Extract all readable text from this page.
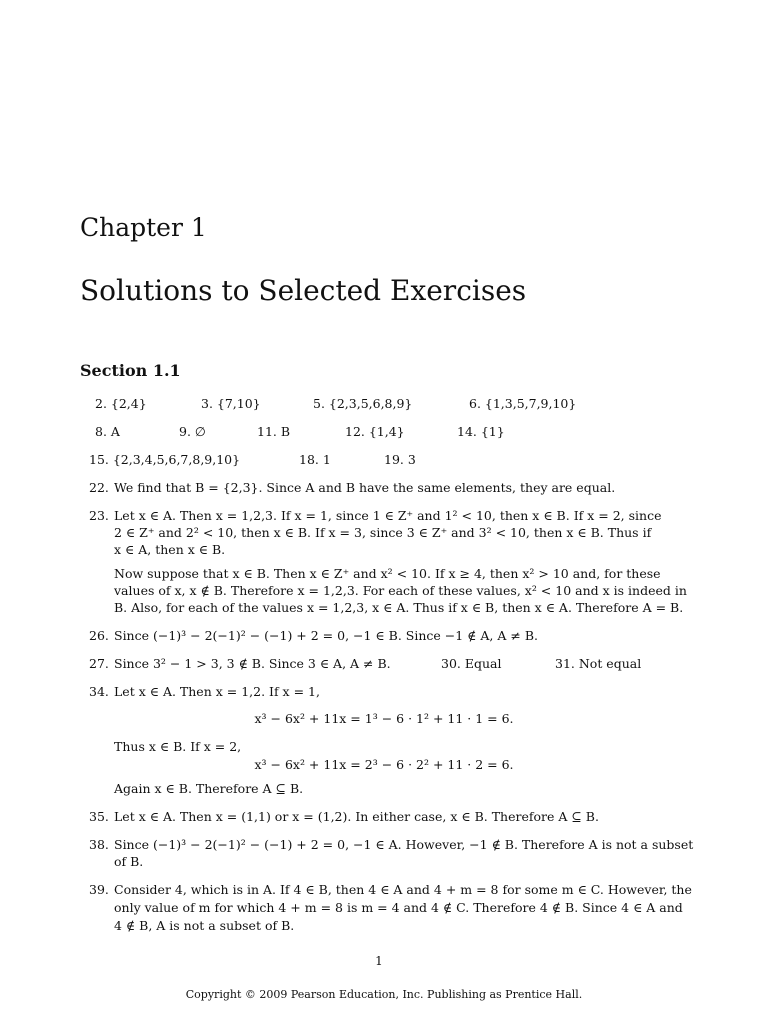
Chapter 1
Solutions to Selected Exercises
Section 1.1
2. {2,4}	3. {7,10}	5. {2,3,5,6,8,9}	6. {1,3,5,7,9,10}
8. A	9. ∅	11. B	12. {1,4}	14. {1}
15. {2,3,4,5,6,7,8,9,10}	18. 1	19. 3
22. We find that B = {2,3}. Since A and B have the same elements, they are equal.
23. Let x ∈ A. Then x = 1,2,3. If x = 1, since 1 ∈ Z⁺ and 1² < 10, then x ∈ B. If x = 2, since
2 ∈ Z⁺ and 2² < 10, then x ∈ B. If x = 3, since 3 ∈ Z⁺ and 3² < 10, then x ∈ B. Thus if
x ∈ A, then x ∈ B.
Now suppose that x ∈ B. Then x ∈ Z⁺ and x² < 10. If x ≥ 4, then x² > 10 and, for these
values of x, x ∉ B. Therefore x = 1,2,3. For each of these values, x² < 10 and x is indeed in
B. Also, for each of the values x = 1,2,3, x ∈ A. Thus if x ∈ B, then x ∈ A. Therefore A = B.
26. Since (−1)³ − 2(−1)² − (−1) + 2 = 0, −1 ∈ B. Since −1 ∉ A, A ≠ B.
27. Since 3² − 1 > 3, 3 ∉ B. Since 3 ∈ A, A ≠ B.	30. Equal	31. Not equal
34. Let x ∈ A. Then x = 1,2. If x = 1,
x³ − 6x² + 11x = 1³ − 6 · 1² + 11 · 1 = 6.
Thus x ∈ B. If x = 2,
x³ − 6x² + 11x = 2³ − 6 · 2² + 11 · 2 = 6.
Again x ∈ B. Therefore A ⊆ B.
35. Let x ∈ A. Then x = (1,1) or x = (1,2). In either case, x ∈ B. Therefore A ⊆ B.
38. Since (−1)³ − 2(−1)² − (−1) + 2 = 0, −1 ∈ A. However, −1 ∉ B. Therefore A is not a subset
of B.
39. Consider 4, which is in A. If 4 ∈ B, then 4 ∈ A and 4 + m = 8 for some m ∈ C. However, the
only value of m for which 4 + m = 8 is m = 4 and 4 ∉ C. Therefore 4 ∉ B. Since 4 ∈ A and
4 ∉ B, A is not a subset of B.
1
Copyright © 2009 Pearson Education, Inc. Publishing as Prentice Hall.
